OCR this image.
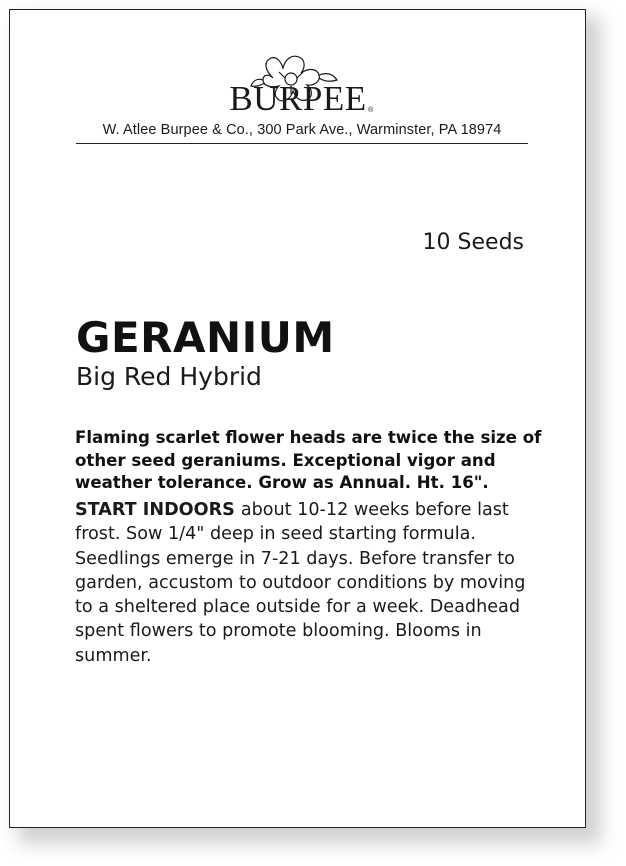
BURPEE ®
W. Atlee Burpee & Co., 300 Park Ave., Warminster, PA 18974
10 Seeds
GERANIUM
Big Red Hybrid
Flaming scarlet flower heads are twice the size of other seed geraniums. Exceptional vigor and weather tolerance. Grow as Annual. Ht. 16".
START INDOORS about 10-12 weeks before last frost. Sow 1/4" deep in seed starting formula. Seedlings emerge in 7-21 days. Before transfer to garden, accustom to outdoor conditions by moving to a sheltered place outside for a week. Deadhead spent flowers to promote blooming. Blooms in summer.
